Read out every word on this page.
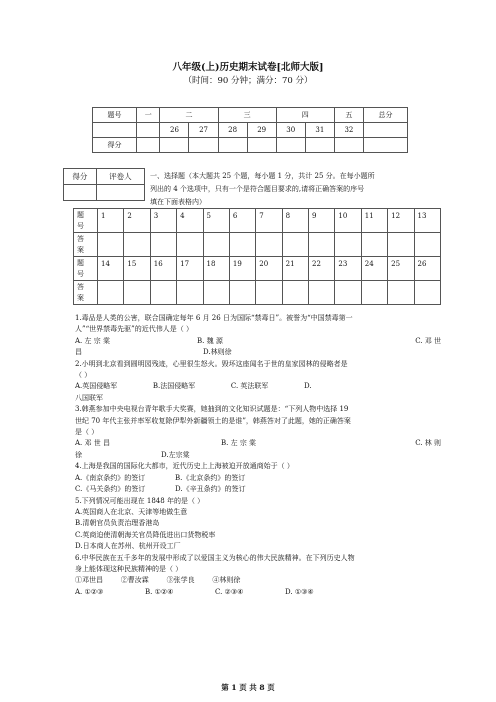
八年级(上)历史期末试卷[北师大版]
（时间：90 分钟；满分：70 分）
题号	一	二		三		四		五	总分
		26	27	28	29	30	31	32	
得分									
得分	评卷人
		一、选择题（本大题共 25 个题，每小题 1 分，共计 25 分。在每小题所
列出的 4 个选项中，只有一个是符合题目要求的,请将正确答案的序号
填在下面表格内）
题
号	1	2	3	4	5	6	7	8	9	10	11	12	13
答
案													
题
号	14	15	16	17	18	19	20	21	22	23	24	25	26
答
案													

1.毒品是人类的公害，联合国确定每年 6 月 26 日为国际“禁毒日”。被誉为“中国禁毒第一

人”“世界禁毒先驱”的近代伟人是（ ）

A. 左 宗 棠	B. 魏 源	C. 邓 世
昌	D.林则徐

2.小明到北京看到圆明园残迹，心里很生怒火。毁坏这座闻名于世的皇家园林的侵略者是

（ ）

A.英国侵略军                B.法国侵略军                C. 英法联军                D.

八国联军

3.韩燕参加中央电视台青年歌手大奖赛，她抽到的文化知识试题是：“下列人物中选择 19

世纪 70 年代主张并率军收复除伊犁外新疆领土的是谁”，韩燕答对了此题，她的正确答案

是（ ）

A. 邓 世 昌	B. 左 宗 棠	C. 林 则
徐	D.左宗棠

4.上海是我国的国际化大都市，近代历史上上海被迫开放通商始于（ ）

A.《南京条约》的签订	B.《北京条约》的签订
C.《马关条约》的签订	D.《辛丑条约》的签订

5.下列情况可能出现在 1848 年的是（ ）

A.英国商人在北京、天津等地做生意

B.清朝官员负责治理香港岛

C.英商迫使清朝海关官员降低进出口货物税率

D.日本商人在苏州、杭州开设工厂

6.中华民族在五千多年的发展中形成了以爱国主义为核心的伟大民族精神。在下列历史人物

身上能体现这种民族精神的是（ ）

①邓世昌        ②曹汝霖        ③张学良        ④林则徐

A. ①②③	B. ①②④	C. ②③④	D. ①③④
第 1 页 共 8 页
